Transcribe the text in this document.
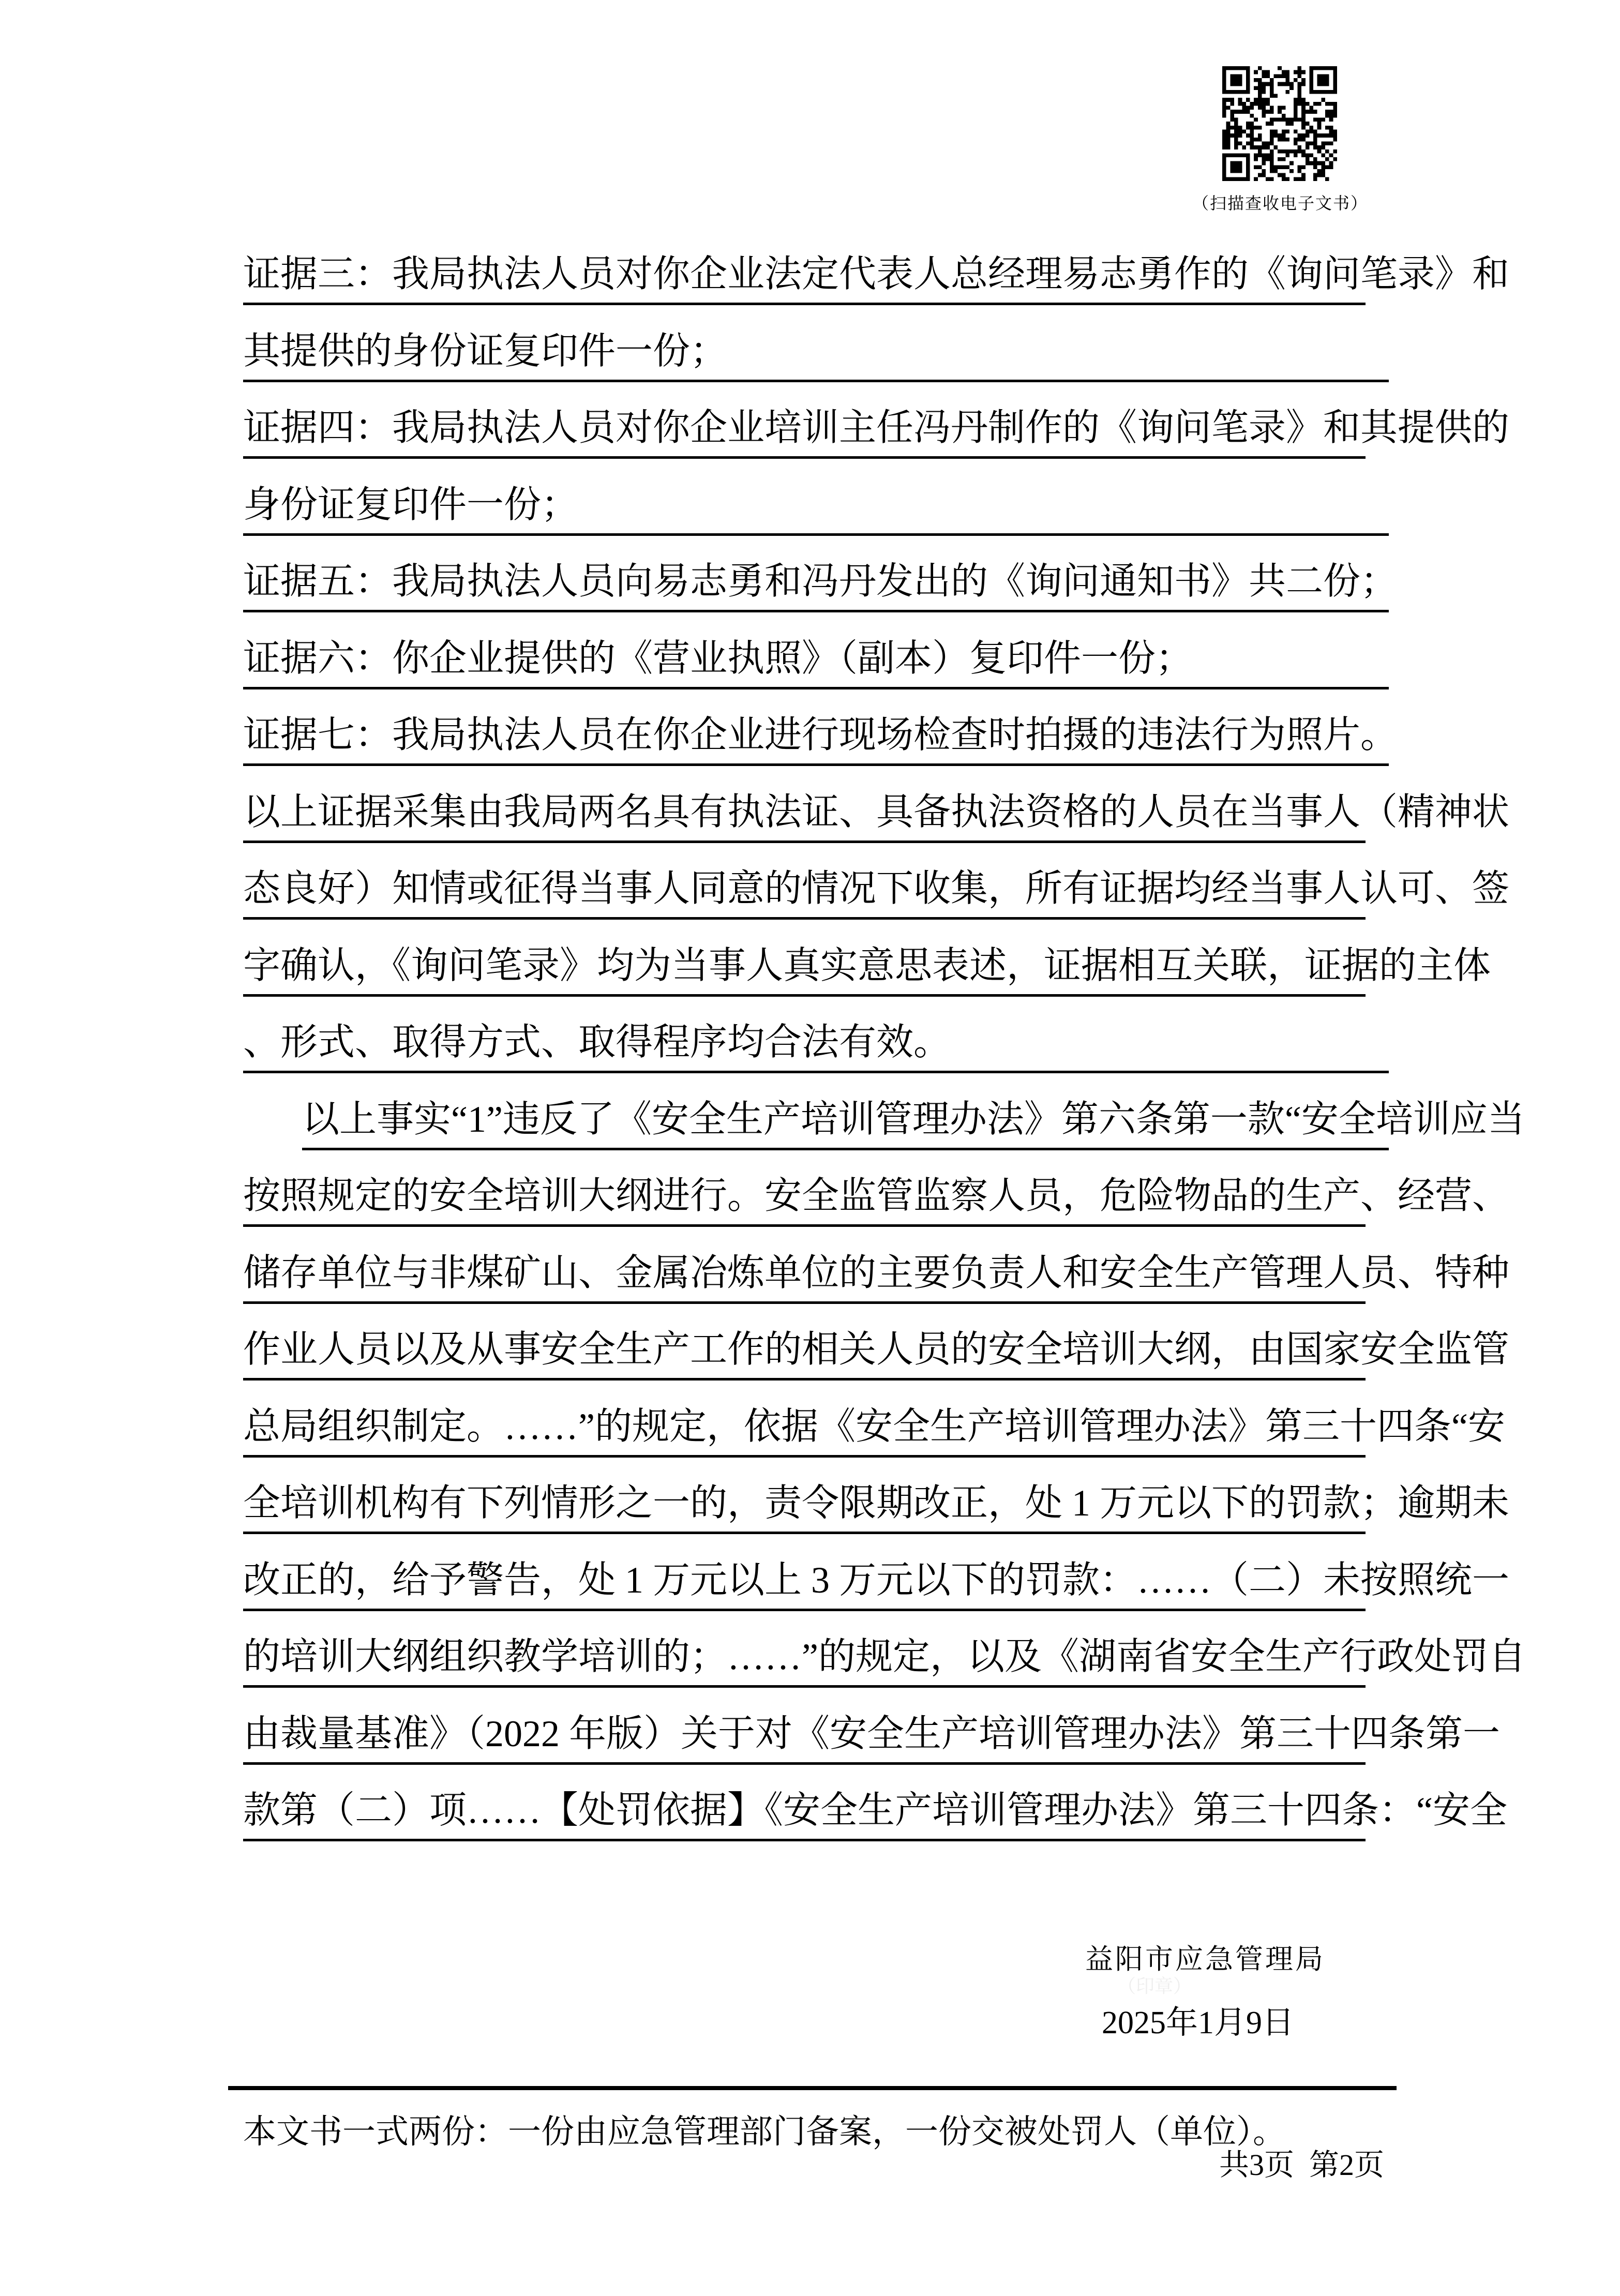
（扫描查收电子文书）
证据三：我局执法人员对你企业法定代表人总经理易志勇作的《询问笔录》和
其提供的身份证复印件一份；
证据四：我局执法人员对你企业培训主任冯丹制作的《询问笔录》和其提供的
身份证复印件一份；
证据五：我局执法人员向易志勇和冯丹发出的《询问通知书》共二份；
证据六：你企业提供的《营业执照》（副本）复印件一份；
证据七：我局执法人员在你企业进行现场检查时拍摄的违法行为照片。
以上证据采集由我局两名具有执法证、具备执法资格的人员在当事人（精神状
态良好）知情或征得当事人同意的情况下收集，所有证据均经当事人认可、签
字确认，《询问笔录》均为当事人真实意思表述，证据相互关联，证据的主体
、形式、取得方式、取得程序均合法有效。
以上事实“1”违反了《安全生产培训管理办法》第六条第一款“安全培训应当
按照规定的安全培训大纲进行。安全监管监察人员，危险物品的生产、经营、
储存单位与非煤矿山、金属冶炼单位的主要负责人和安全生产管理人员、特种
作业人员以及从事安全生产工作的相关人员的安全培训大纲，由国家安全监管
总局组织制定。……”的规定，依据《安全生产培训管理办法》第三十四条“安
全培训机构有下列情形之一的，责令限期改正，处 1 万元以下的罚款；逾期未
改正的，给予警告，处 1 万元以上 3 万元以下的罚款：……（二）未按照统一
的培训大纲组织教学培训的；……”的规定，以及《湖南省安全生产行政处罚自
由裁量基准》（2022 年版）关于对《安全生产培训管理办法》第三十四条第一
款第（二）项……【处罚依据】《安全生产培训管理办法》第三十四条：“安全
益阳市应急管理局
（印章）
2025年1月9日
本文书一式两份：一份由应急管理部门备案，一份交被处罚人（单位）。
共3页  第2页
